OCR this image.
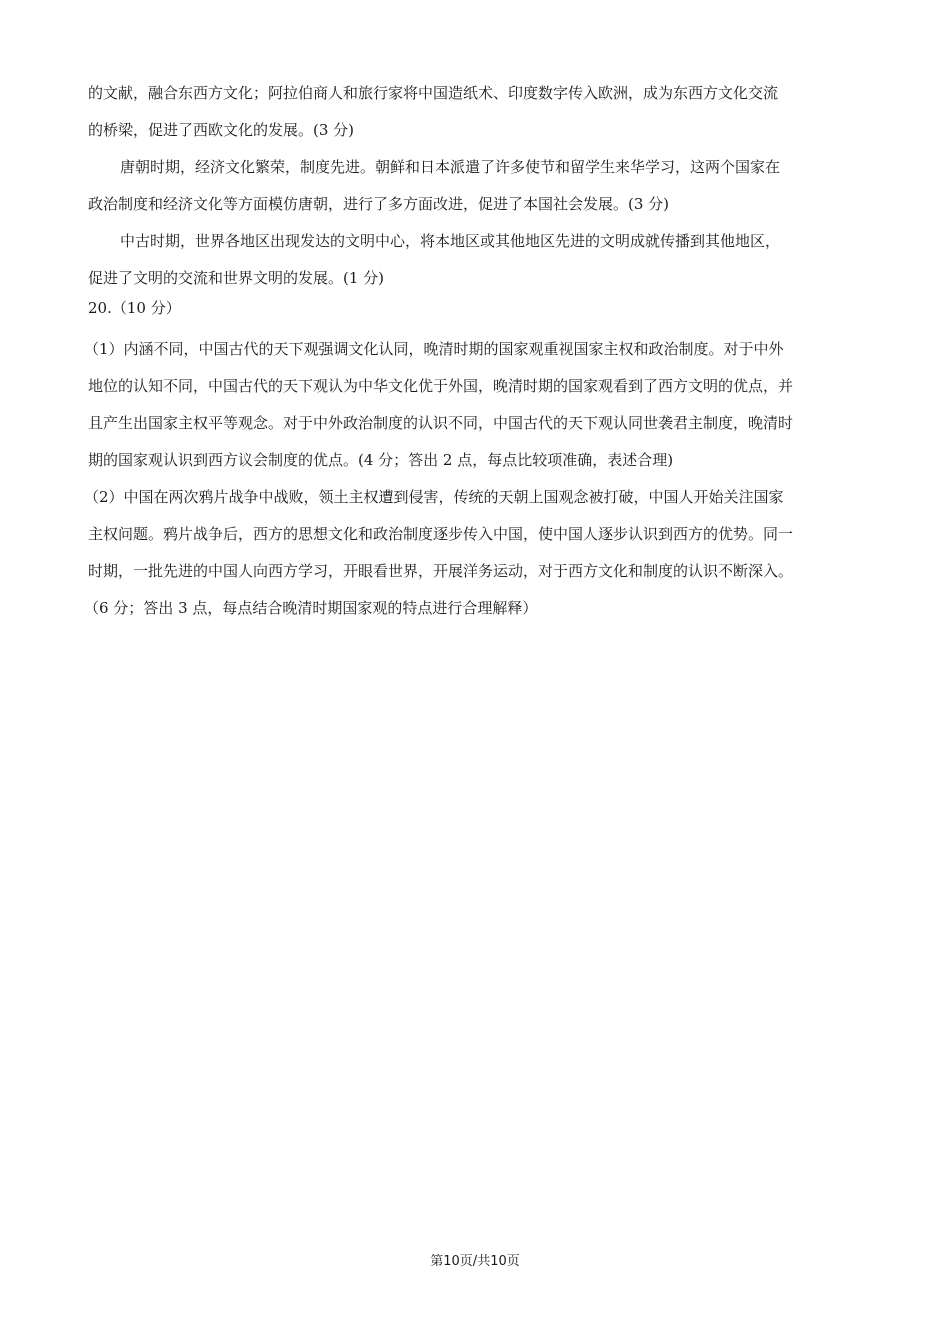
的文献，融合东西方文化；阿拉伯商人和旅行家将中国造纸术、印度数字传入欧洲，成为东西方文化交流
的桥梁，促进了西欧文化的发展。(3 分)
唐朝时期，经济文化繁荣，制度先进。朝鲜和日本派遣了许多使节和留学生来华学习，这两个国家在
政治制度和经济文化等方面模仿唐朝，进行了多方面改进，促进了本国社会发展。(3 分)
中古时期，世界各地区出现发达的文明中心，将本地区或其他地区先进的文明成就传播到其他地区，
促进了文明的交流和世界文明的发展。(1 分)
20.（10 分）
（1）内涵不同，中国古代的天下观强调文化认同，晚清时期的国家观重视国家主权和政治制度。对于中外
地位的认知不同，中国古代的天下观认为中华文化优于外国，晚清时期的国家观看到了西方文明的优点，并
且产生出国家主权平等观念。对于中外政治制度的认识不同，中国古代的天下观认同世袭君主制度，晚清时
期的国家观认识到西方议会制度的优点。(4 分；答出 2 点，每点比较项准确，表述合理)
（2）中国在两次鸦片战争中战败，领土主权遭到侵害，传统的天朝上国观念被打破，中国人开始关注国家
主权问题。鸦片战争后，西方的思想文化和政治制度逐步传入中国，使中国人逐步认识到西方的优势。同一
时期，一批先进的中国人向西方学习，开眼看世界，开展洋务运动，对于西方文化和制度的认识不断深入。
（6 分；答出 3 点，每点结合晚清时期国家观的特点进行合理解释）
第10页/共10页
